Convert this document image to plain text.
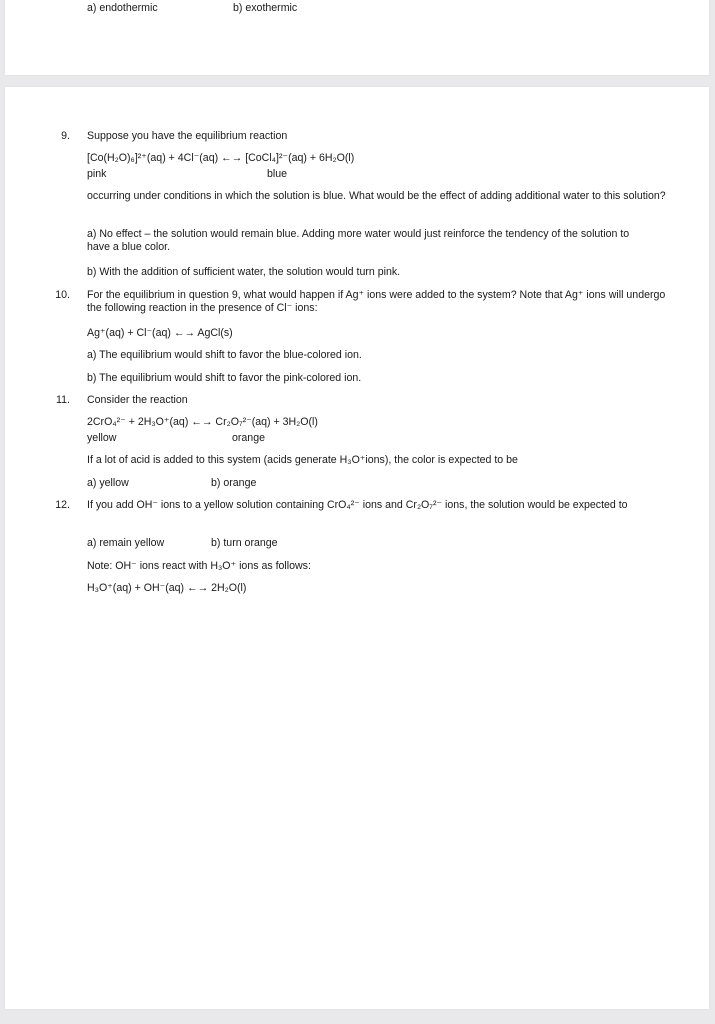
a) endothermic	b) exothermic
9. Suppose you have the equilibrium reaction
[Co(H₂O)₆]²⁺(aq) + 4Cl⁻(aq) ←→ [CoCl₄]²⁻(aq) + 6H₂O(l)
pink	blue
occurring under conditions in which the solution is blue. What would be the effect of adding additional water to this solution?
a) No effect – the solution would remain blue. Adding more water would just reinforce the tendency of the solution to have a blue color.
b) With the addition of sufficient water, the solution would turn pink.
10. For the equilibrium in question 9, what would happen if Ag⁺ ions were added to the system? Note that Ag⁺ ions will undergo the following reaction in the presence of Cl⁻ ions:
Ag⁺(aq) + Cl⁻(aq) ←→ AgCl(s)
a) The equilibrium would shift to favor the blue-colored ion.
b) The equilibrium would shift to favor the pink-colored ion.
11. Consider the reaction
2CrO₄²⁻ + 2H₃O⁺(aq) ←→ Cr₂O₇²⁻(aq) + 3H₂O(l)
yellow	orange
If a lot of acid is added to this system (acids generate H₃O⁺ions), the color is expected to be
a) yellow	b) orange
12. If you add OH⁻ ions to a yellow solution containing CrO₄²⁻ ions and Cr₂O₇²⁻ ions, the solution would be expected to
a) remain yellow	b) turn orange
Note: OH⁻ ions react with H₃O⁺ ions as follows:
H₃O⁺(aq) + OH⁻(aq) ←→ 2H₂O(l)
